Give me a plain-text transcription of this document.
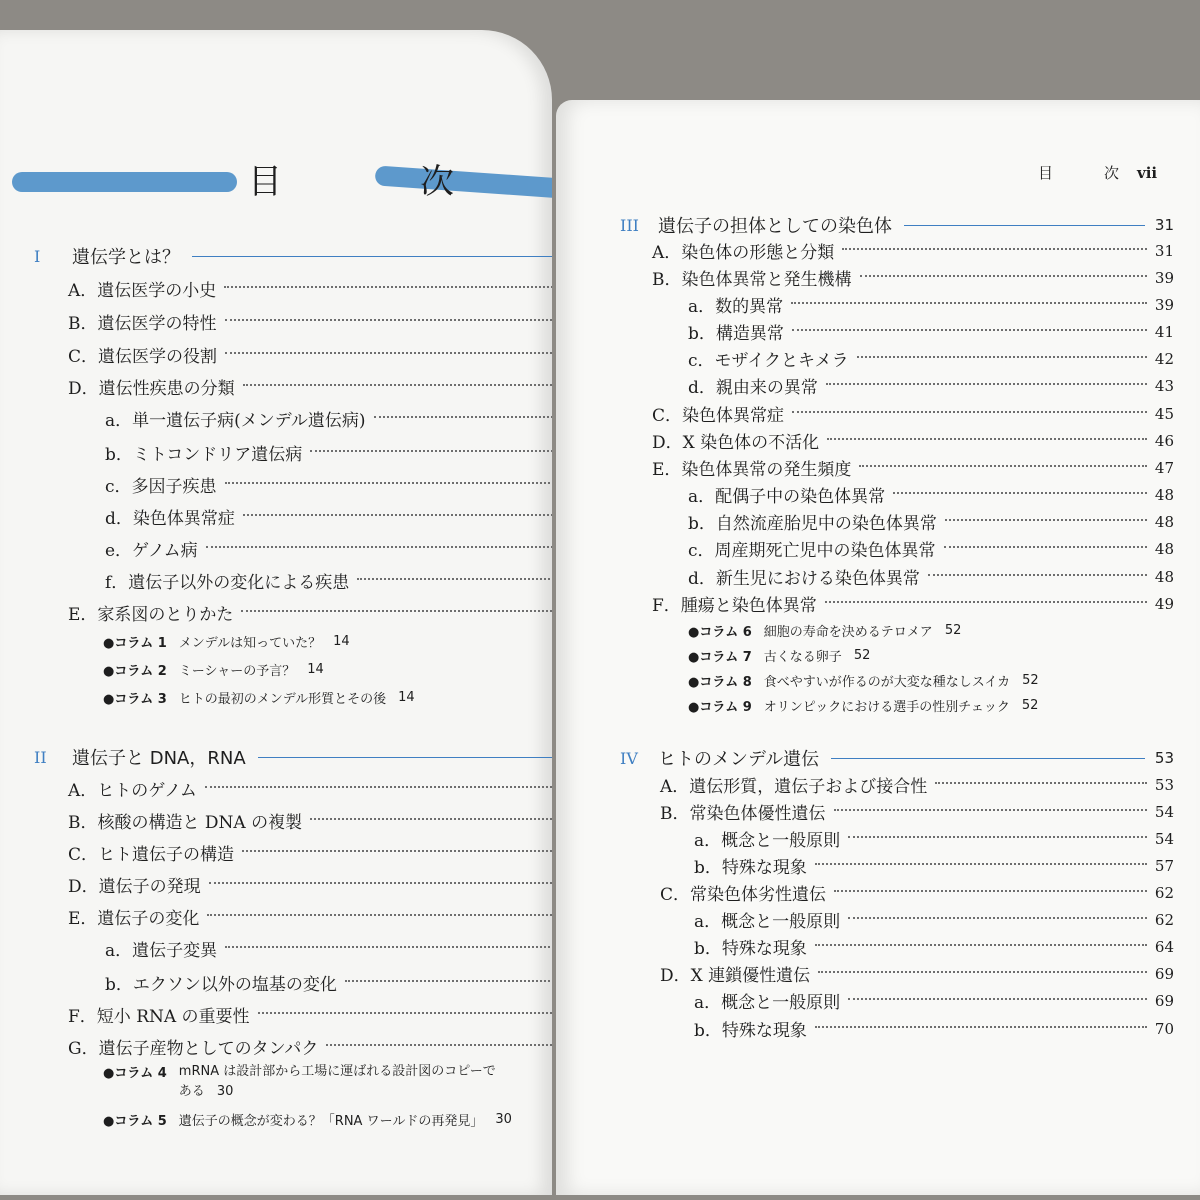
目　次
I	遺伝学とは？
A．遺伝医学の小史
B．遺伝医学の特性
C．遺伝医学の役割
D．遺伝性疾患の分類
a．単一遺伝子病(メンデル遺伝病)
b．ミトコンドリア遺伝病
c．多因子疾患
d．染色体異常症
e．ゲノム病
f．遺伝子以外の変化による疾患
E．家系図のとりかた
●コラム 1 メンデルは知っていた？ 14
●コラム 2 ミーシャーの予言？ 14
●コラム 3 ヒトの最初のメンデル形質とその後 14
II	遺伝子と DNA，RNA
A．ヒトのゲノム
B．核酸の構造と DNA の複製
C．ヒト遺伝子の構造
D．遺伝子の発現
E．遺伝子の変化
a．遺伝子変異
b．エクソン以外の塩基の変化
F．短小 RNA の重要性
G．遺伝子産物としてのタンパク
●コラム 4 mRNA は設計部から工場に運ばれる設計図のコピーで
ある 30
●コラム 5 遺伝子の概念が変わる？「RNA ワールドの再発見」 30
目　次vii
III	遺伝子の担体としての染色体	31
A．染色体の形態と分類	31
B．染色体異常と発生機構	39
a．数的異常	39
b．構造異常	41
c．モザイクとキメラ	42
d．親由来の異常	43
C．染色体異常症	45
D．X 染色体の不活化	46
E．染色体異常の発生頻度	47
a．配偶子中の染色体異常	48
b．自然流産胎児中の染色体異常	48
c．周産期死亡児中の染色体異常	48
d．新生児における染色体異常	48
F．腫瘍と染色体異常	49
●コラム 6 細胞の寿命を決めるテロメア 52
●コラム 7 古くなる卵子 52
●コラム 8 食べやすいが作るのが大変な種なしスイカ 52
●コラム 9 オリンピックにおける選手の性別チェック 52
IV	ヒトのメンデル遺伝	53
A．遺伝形質，遺伝子および接合性	53
B．常染色体優性遺伝	54
a．概念と一般原則	54
b．特殊な現象	57
C．常染色体劣性遺伝	62
a．概念と一般原則	62
b．特殊な現象	64
D．X 連鎖優性遺伝	69
a．概念と一般原則	69
b．特殊な現象	70
